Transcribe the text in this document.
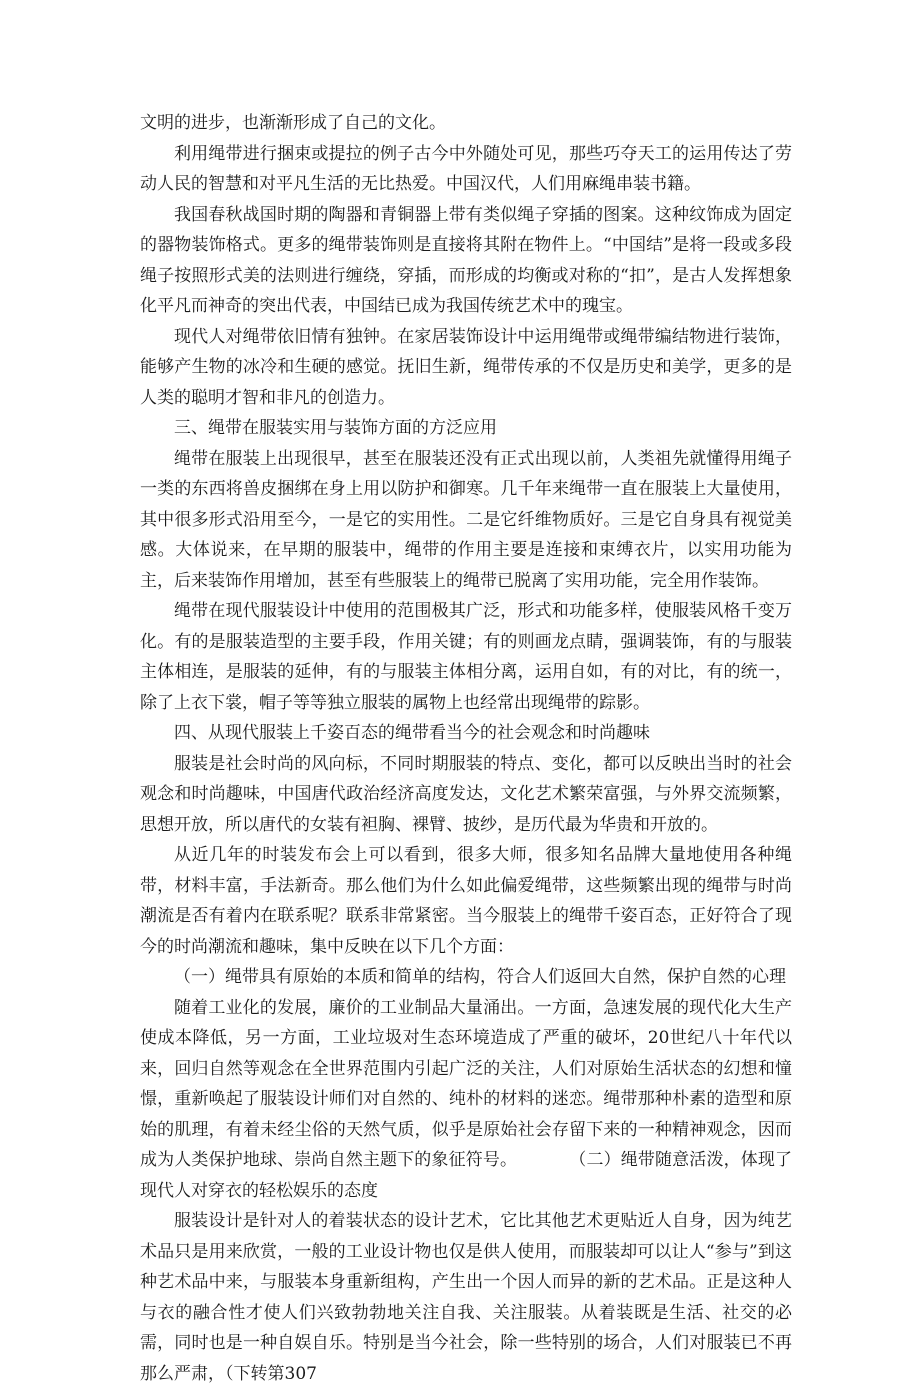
文明的进步，也渐渐形成了自己的文化。

利用绳带进行捆束或提拉的例子古今中外随处可见，那些巧夺天工的运用传达了劳动人民的智慧和对平凡生活的无比热爱。中国汉代，人们用麻绳串装书籍。

我国春秋战国时期的陶器和青铜器上带有类似绳子穿插的图案。这种纹饰成为固定的器物装饰格式。更多的绳带装饰则是直接将其附在物件上。“中国结”是将一段或多段绳子按照形式美的法则进行缠绕，穿插，而形成的均衡或对称的“扣”，是古人发挥想象化平凡而神奇的突出代表，中国结已成为我国传统艺术中的瑰宝。

现代人对绳带依旧情有独钟。在家居装饰设计中运用绳带或绳带编结物进行装饰，能够产生物的冰冷和生硬的感觉。抚旧生新，绳带传承的不仅是历史和美学，更多的是人类的聪明才智和非凡的创造力。

三、绳带在服装实用与装饰方面的方泛应用

绳带在服装上出现很早，甚至在服装还没有正式出现以前，人类祖先就懂得用绳子一类的东西将兽皮捆绑在身上用以防护和御寒。几千年来绳带一直在服装上大量使用，其中很多形式沿用至今，一是它的实用性。二是它纤维物质好。三是它自身具有视觉美感。大体说来，在早期的服装中，绳带的作用主要是连接和束缚衣片，以实用功能为主，后来装饰作用增加，甚至有些服装上的绳带已脱离了实用功能，完全用作装饰。

绳带在现代服装设计中使用的范围极其广泛，形式和功能多样，使服装风格千变万化。有的是服装造型的主要手段，作用关键；有的则画龙点睛，强调装饰，有的与服装主体相连，是服装的延伸，有的与服装主体相分离，运用自如，有的对比，有的统一，除了上衣下裳，帽子等等独立服装的属物上也经常出现绳带的踪影。

四、从现代服装上千姿百态的绳带看当今的社会观念和时尚趣味

服装是社会时尚的风向标，不同时期服装的特点、变化，都可以反映出当时的社会观念和时尚趣味，中国唐代政治经济高度发达，文化艺术繁荣富强，与外界交流频繁，思想开放，所以唐代的女装有袒胸、裸臂、披纱，是历代最为华贵和开放的。

从近几年的时装发布会上可以看到，很多大师，很多知名品牌大量地使用各种绳带，材料丰富，手法新奇。那么他们为什么如此偏爱绳带，这些频繁出现的绳带与时尚潮流是否有着内在联系呢？联系非常紧密。当今服装上的绳带千姿百态，正好符合了现今的时尚潮流和趣味，集中反映在以下几个方面：

（一）绳带具有原始的本质和简单的结构，符合人们返回大自然，保护自然的心理

随着工业化的发展，廉价的工业制品大量涌出。一方面，急速发展的现代化大生产使成本降低，另一方面，工业垃圾对生态环境造成了严重的破坏，20世纪八十年代以来，回归自然等观念在全世界范围内引起广泛的关注，人们对原始生活状态的幻想和憧憬，重新唤起了服装设计师们对自然的、纯朴的材料的迷恋。绳带那种朴素的造型和原始的肌理，有着未经尘俗的天然气质，似乎是原始社会存留下来的一种精神观念，因而成为人类保护地球、崇尚自然主题下的象征符号。	（二）绳带随意活泼，体现了现代人对穿衣的轻松娱乐的态度

服装设计是针对人的着装状态的设计艺术，它比其他艺术更贴近人自身，因为纯艺术品只是用来欣赏，一般的工业设计物也仅是供人使用，而服装却可以让人“参与”到这种艺术品中来，与服装本身重新组构，产生出一个因人而异的新的艺术品。正是这种人与衣的融合性才使人们兴致勃勃地关注自我、关注服装。从着装既是生活、社交的必需，同时也是一种自娱自乐。特别是当今社会，除一些特别的场合，人们对服装已不再那么严肃，（下转第307
